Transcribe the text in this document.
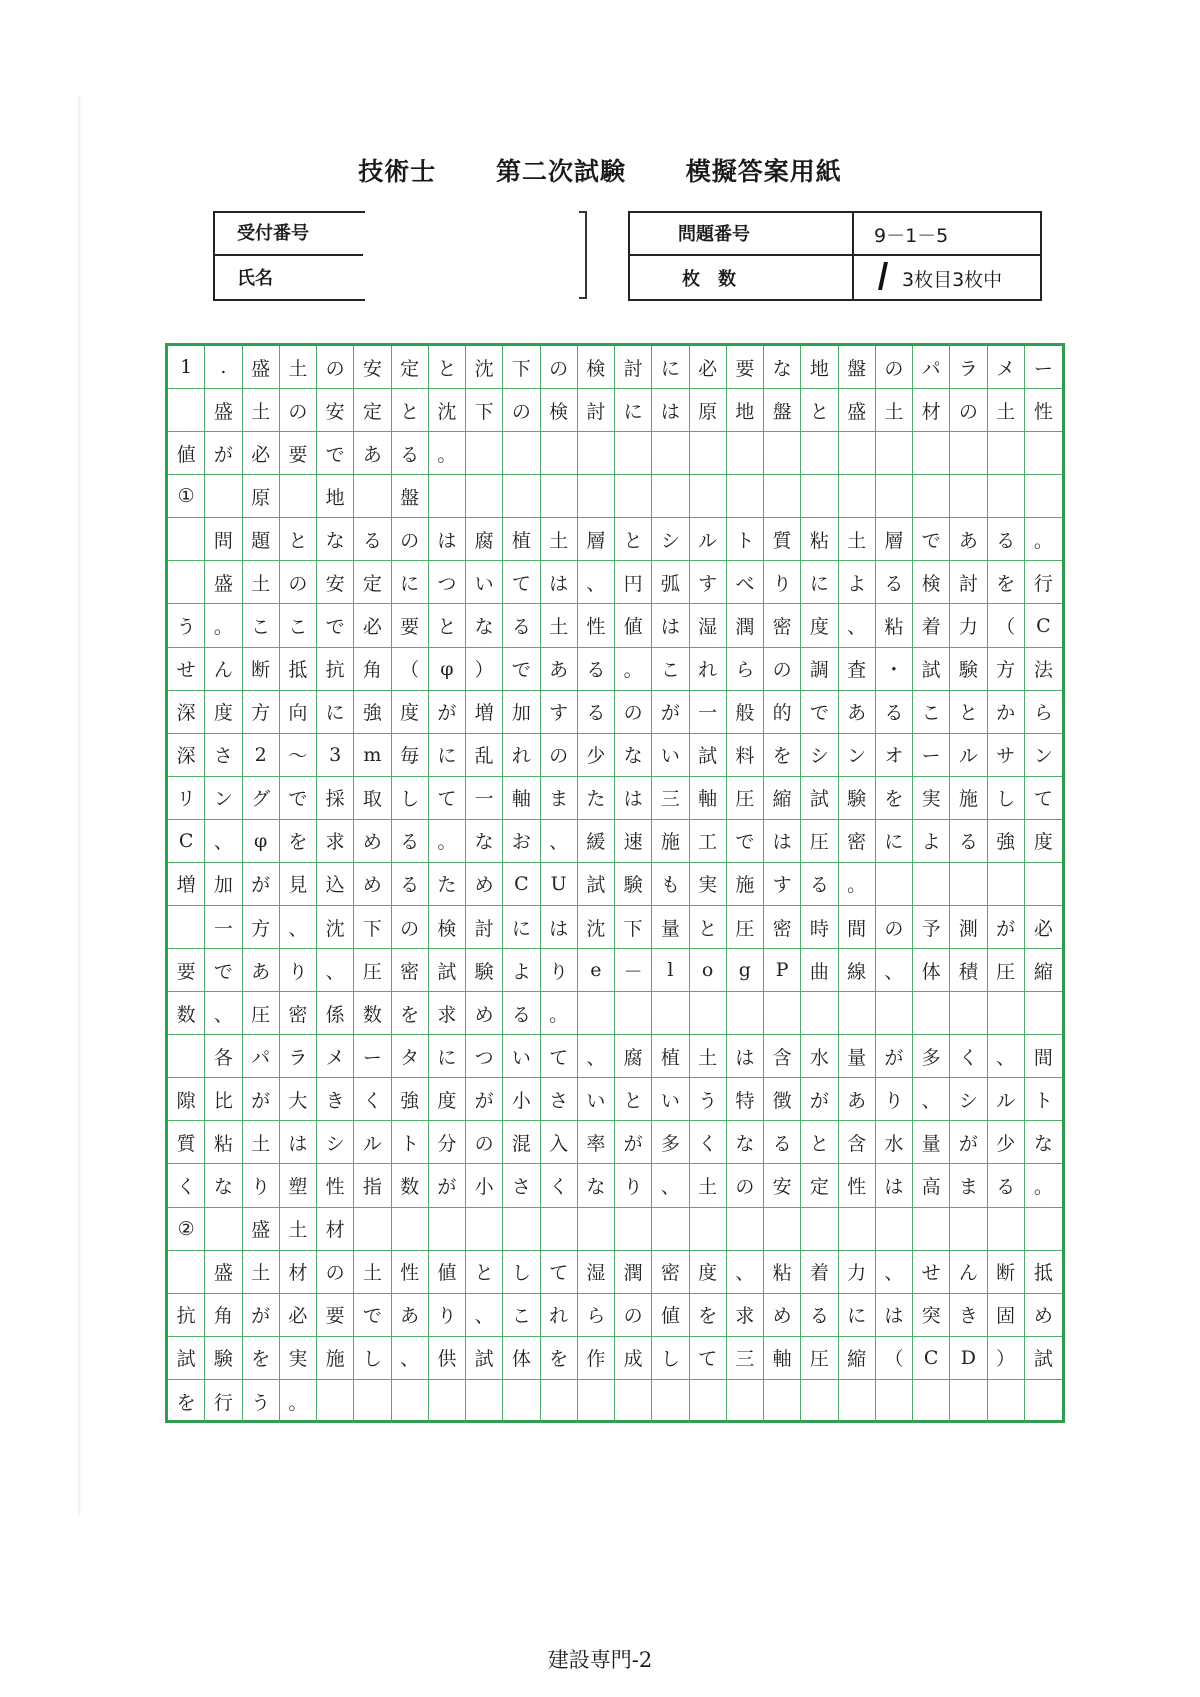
技術士 第二次試験 模擬答案用紙
受付番号
氏名
問題番号	9－1－5
枚　数	3枚目3枚中
1	.	盛 土 の 安 定 と 沈 下 の 検 討 に 必 要 な 地 盤 の パ ラ メ ー
盛 土 の 安 定 と 沈 下 の 検 討 に は 原 地 盤 と 盛 土 材 の 土 性
値 が 必 要 で あ る 。
①	原	地	盤
問 題 と な る の は 腐 植 土 層 と シ ル ト 質 粘 土 層 で あ る 。
盛 土 の 安 定 に つ い て は 、 円 弧 す べ り に よ る 検 討 を 行
う 。 こ こ で 必 要 と な る 土 性 値 は 湿 潤 密 度 、 粘 着 力 （	C
せ ん 断 抵 抗 角 （	φ	） で あ る 。 こ れ ら の 調 査 ・ 試 験 方 法
深 度 方 向 に 強 度 が 増 加 す る の が 一 般 的 で あ る こ と か ら
深 さ	2	～	3	m 毎 に 乱 れ の 少 な い 試 料 を シ ン オ ー ル サ ン
リ ン グ で 採 取 し て 一 軸 ま た は 三 軸 圧 縮 試 験 を 実 施 し て
C	、	φ	を 求 め る 。 な お 、 緩 速 施 工 で は 圧 密 に よ る 強 度
増 加 が 見 込 め る た め	C	U	試 験 も 実 施 す る 。
一 方 、 沈 下 の 検 討 に は 沈 下 量 と 圧 密 時 間 の 予 測 が 必
要 で あ り 、 圧 密 試 験 よ り	e	－	l	o	g	P	曲 線 、 体 積 圧 縮
数 、 圧 密 係 数 を 求 め る 。
各 パ ラ メ ー タ に つ い て 、 腐 植 土 は 含 水 量 が 多 く 、 間
隙 比 が 大 き く 強 度 が 小 さ い と い う 特 徴 が あ り 、 シ ル ト
質 粘 土 は シ ル ト 分 の 混 入 率 が 多 く な る と 含 水 量 が 少 な
く な り 塑 性 指 数 が 小 さ く な り 、 土 の 安 定 性 は 高 ま る 。
②	盛 土 材
盛 土 材 の 土 性 値 と し て 湿 潤 密 度 、 粘 着 力 、 せ ん 断 抵
抗 角 が 必 要 で あ り 、 こ れ ら の 値 を 求 め る に は 突 き 固 め
試 験 を 実 施 し 、 供 試 体 を 作 成 し て 三 軸 圧 縮 （	C	D	） 試
を 行 う 。
建設専門-2
